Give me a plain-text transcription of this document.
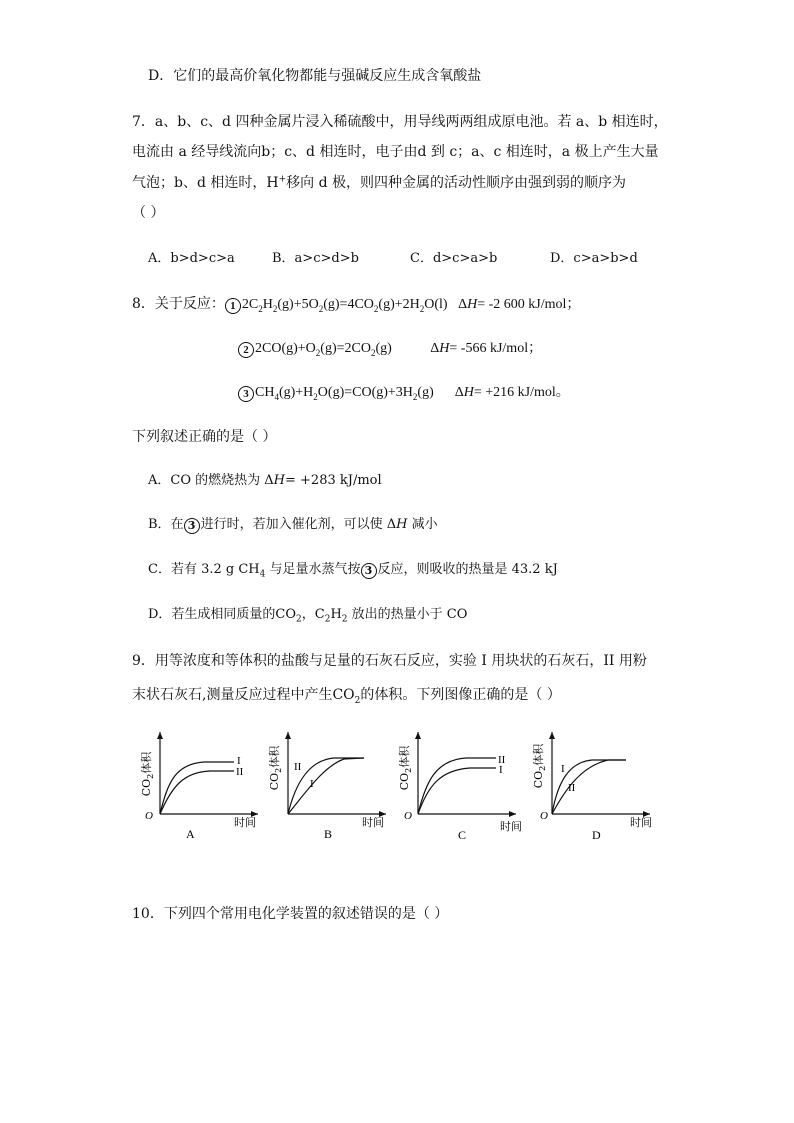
D．它们的最高价氧化物都能与强碱反应生成含氧酸盐
7．a、b、c、d 四种金属片浸入稀硫酸中，用导线两两组成原电池。若 a、b 相连时，
电流由 a 经导线流向b；c、d 相连时，电子由d 到 c；a、c 相连时，a 极上产生大量
气泡；b、d 相连时，H+移向 d 极，则四种金属的活动性顺序由强到弱的顺序为
（ ）
A．b>d>c>a	B．a>c>d>b	C．d>c>a>b	D．c>a>b>d
8．关于反应： 1 $2C_2H_2(g)+5O_2(g)=4CO_2(g)+2H_2O(l)$   ΔH= -2 600 kJ/mol；
2 $2CO(g)+O_2(g)=2CO_2(g)$           ΔH= -566 kJ/mol；
3 $CH_4(g)+H_2O(g)=CO(g)+3H_2(g)$      ΔH= +216 kJ/mol。
下列叙述正确的是（ ）
A．CO 的燃烧热为 ΔH= +283 kJ/mol
B．在 3 进行时，若加入催化剂，可以使 ΔH 减小
C．若有 3.2 g $CH_4$ 与足量水蒸气按 3 反应，则吸收的热量是 43.2 kJ
D．若生成相同质量的$CO_2$，$C_2H_2$ 放出的热量小于 CO
9．用等浓度和等体积的盐酸与足量的石灰石反应，实验 I 用块状的石灰石，II 用粉
末状石灰石,测量反应过程中产生$CO_2$的体积。下列图像正确的是（ ）
I
II
O	时间
A
$CO_2$体积	II
I
时间
B
$CO_2$体积	II
I
O
时间
C
$CO_2$体积
I
II
O	时间
D
$CO_2$体积
10．下列四个常用电化学装置的叙述错误的是（ ）
